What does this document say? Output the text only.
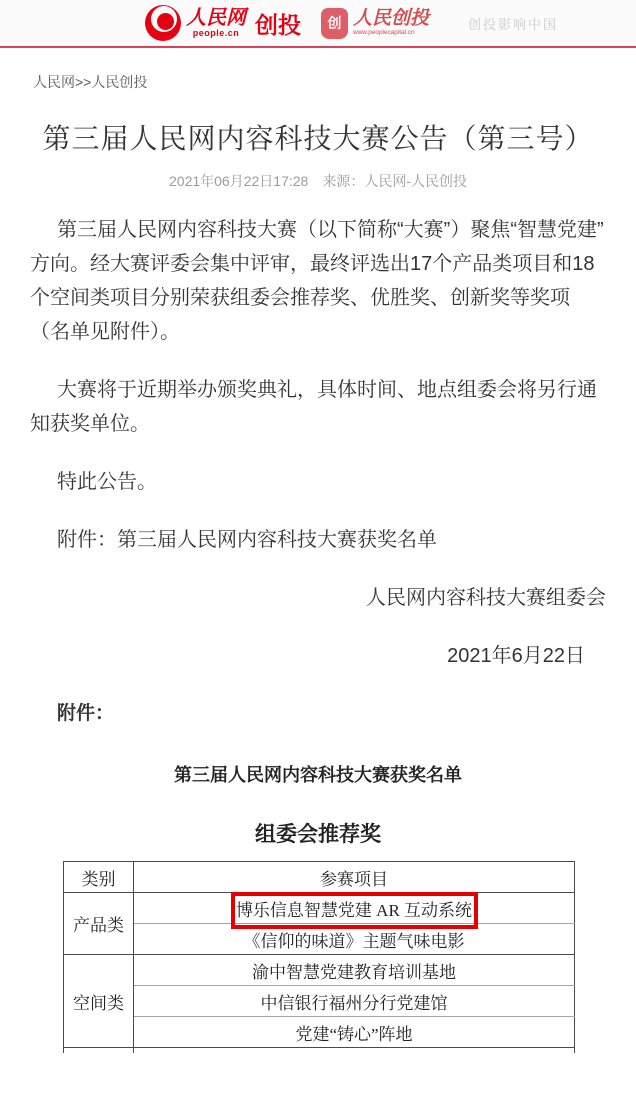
人民网
people.cn 创投	创 人民创投
www.peoplecapital.cn
创投影响中国
人民网>>人民创投
第三届人民网内容科技大赛公告（第三号）
2021年06月22日17:28 来源：人民网-人民创投

第三届人民网内容科技大赛（以下简称“大赛”）聚焦“智慧党建”方向。经大赛评委会集中评审，最终评选出17个产品类项目和18个空间类项目分别荣获组委会推荐奖、优胜奖、创新奖等奖项（名单见附件）。

大赛将于近期举办颁奖典礼，具体时间、地点组委会将另行通知获奖单位。

特此公告。

附件：第三届人民网内容科技大赛获奖名单

人民网内容科技大赛组委会

2021年6月22日

附件：

第三届人民网内容科技大赛获奖名单
组委会推荐奖
类别	参赛项目
产品类	博乐信息智慧党建 AR 互动系统
	《信仰的味道》主题气味电影
空间类	渝中智慧党建教育培训基地
	中信银行福州分行党建馆
	党建“铸心”阵地
